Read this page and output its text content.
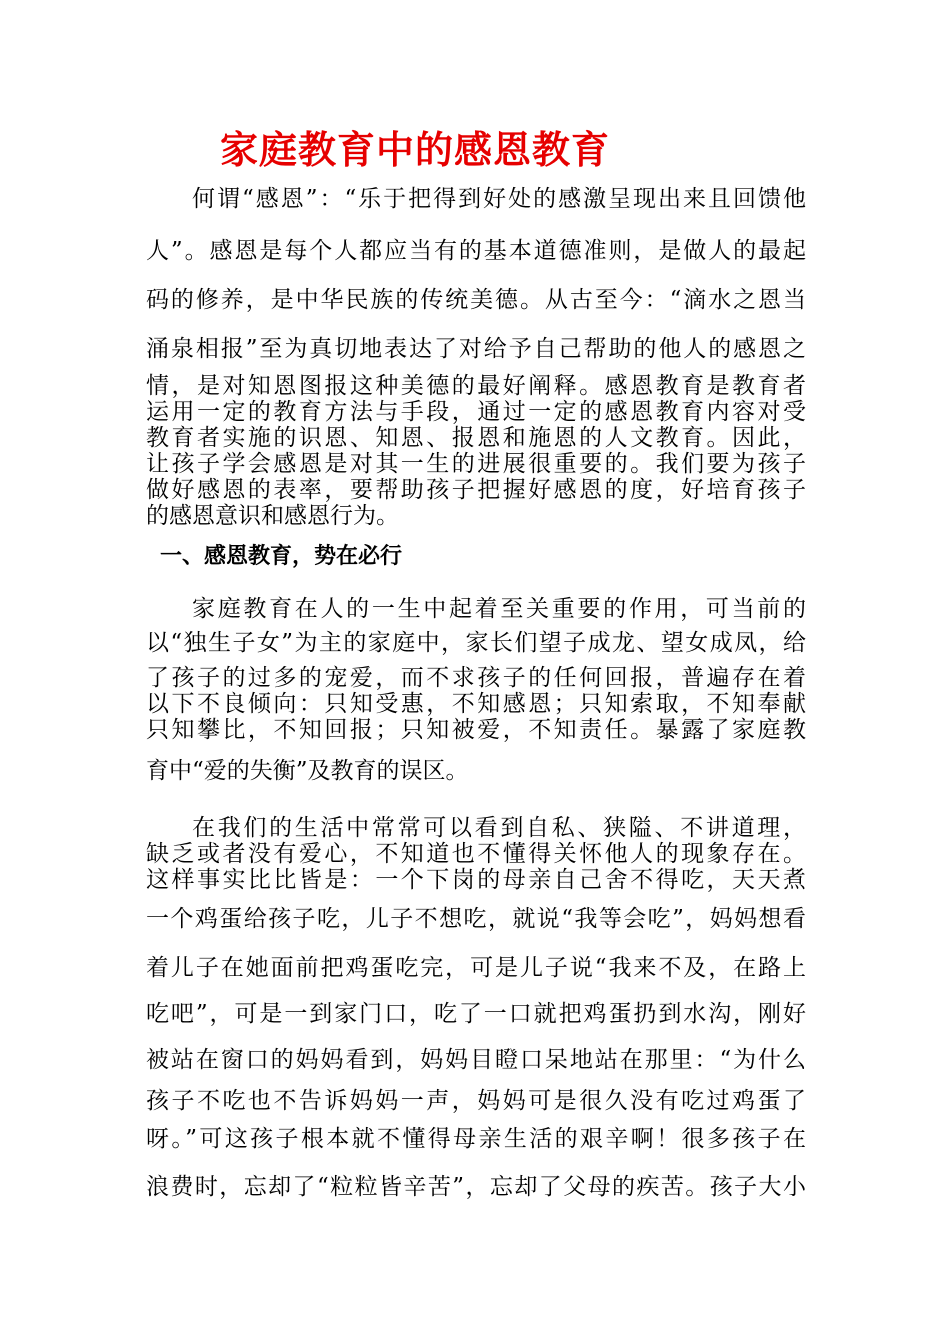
家庭教育中的感恩教育
何谓“感恩”：“乐于把得到好处的感激呈现出来且回馈他
人”。感恩是每个人都应当有的基本道德准则，是做人的最起
码的修养，是中华民族的传统美德。从古至今：“滴水之恩当
涌泉相报”至为真切地表达了对给予自己帮助的他人的感恩之
情，是对知恩图报这种美德的最好阐释。感恩教育是教育者
运用一定的教育方法与手段，通过一定的感恩教育内容对受
教育者实施的识恩、知恩、报恩和施恩的人文教育。因此，
让孩子学会感恩是对其一生的进展很重要的。我们要为孩子
做好感恩的表率，要帮助孩子把握好感恩的度，好培育孩子
的感恩意识和感恩行为。
一、感恩教育，势在必行
家庭教育在人的一生中起着至关重要的作用，可当前的
以“独生子女”为主的家庭中，家长们望子成龙、望女成凤，给
了孩子的过多的宠爱，而不求孩子的任何回报，普遍存在着
以下不良倾向：只知受惠，不知感恩；只知索取，不知奉献
只知攀比，不知回报；只知被爱，不知责任。暴露了家庭教
育中“爱的失衡”及教育的误区。
在我们的生活中常常可以看到自私、狭隘、不讲道理，
缺乏或者没有爱心，不知道也不懂得关怀他人的现象存在。
这样事实比比皆是：一个下岗的母亲自己舍不得吃，天天煮
一个鸡蛋给孩子吃，儿子不想吃，就说“我等会吃”，妈妈想看
着儿子在她面前把鸡蛋吃完，可是儿子说“我来不及，在路上
吃吧”，可是一到家门口，吃了一口就把鸡蛋扔到水沟，刚好
被站在窗口的妈妈看到，妈妈目瞪口呆地站在那里：“为什么
孩子不吃也不告诉妈妈一声，妈妈可是很久没有吃过鸡蛋了
呀。”可这孩子根本就不懂得母亲生活的艰辛啊！很多孩子在
浪费时，忘却了“粒粒皆辛苦”，忘却了父母的疾苦。孩子大小
